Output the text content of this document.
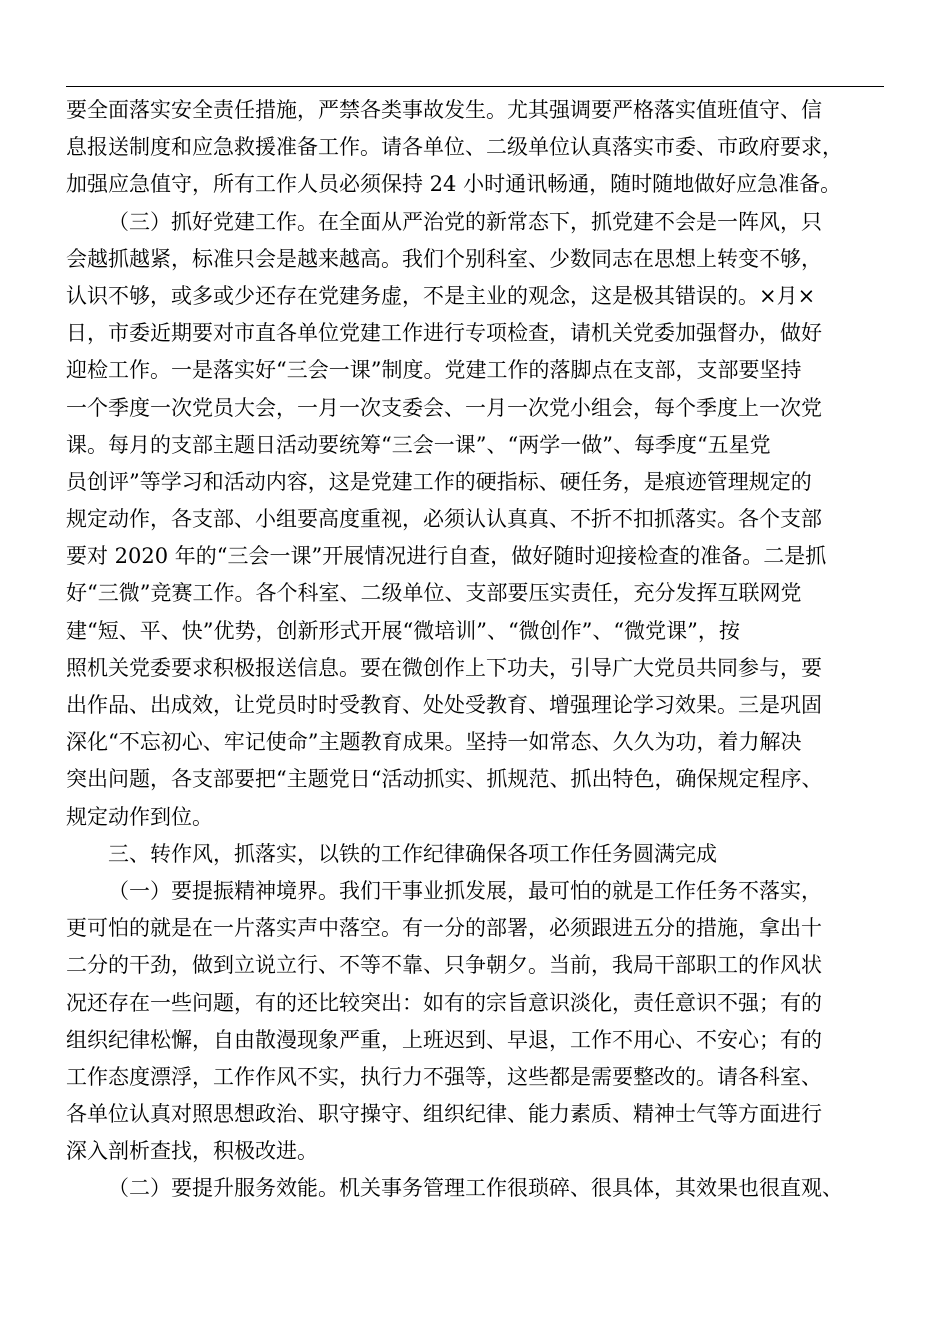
要全面落实安全责任措施，严禁各类事故发生。尤其强调要严格落实值班值守、信
息报送制度和应急救援准备工作。请各单位、二级单位认真落实市委、市政府要求，
加强应急值守，所有工作人员必须保持 24 小时通讯畅通，随时随地做好应急准备。
（三）抓好党建工作。在全面从严治党的新常态下，抓党建不会是一阵风，只
会越抓越紧，标准只会是越来越高。我们个别科室、少数同志在思想上转变不够，
认识不够，或多或少还存在党建务虚，不是主业的观念，这是极其错误的。×月×
日，市委近期要对市直各单位党建工作进行专项检查，请机关党委加强督办，做好
迎检工作。一是落实好“三会一课”制度。党建工作的落脚点在支部，支部要坚持
一个季度一次党员大会，一月一次支委会、一月一次党小组会，每个季度上一次党
课。每月的支部主题日活动要统筹“三会一课”、“两学一做”、每季度“五星党
员创评”等学习和活动内容，这是党建工作的硬指标、硬任务，是痕迹管理规定的
规定动作，各支部、小组要高度重视，必须认认真真、不折不扣抓落实。各个支部
要对 2020 年的“三会一课”开展情况进行自查，做好随时迎接检查的准备。二是抓
好“三微”竞赛工作。各个科室、二级单位、支部要压实责任，充分发挥互联网党
建“短、平、快”优势，创新形式开展“微培训”、“微创作”、“微党课”，按
照机关党委要求积极报送信息。要在微创作上下功夫，引导广大党员共同参与，要
出作品、出成效，让党员时时受教育、处处受教育、增强理论学习效果。三是巩固
深化“不忘初心、牢记使命”主题教育成果。坚持一如常态、久久为功，着力解决
突出问题，各支部要把“主题党日“活动抓实、抓规范、抓出特色，确保规定程序、
规定动作到位。
三、转作风，抓落实，以铁的工作纪律确保各项工作任务圆满完成
（一）要提振精神境界。我们干事业抓发展，最可怕的就是工作任务不落实，
更可怕的就是在一片落实声中落空。有一分的部署，必须跟进五分的措施，拿出十
二分的干劲，做到立说立行、不等不靠、只争朝夕。当前，我局干部职工的作风状
况还存在一些问题，有的还比较突出：如有的宗旨意识淡化，责任意识不强；有的
组织纪律松懈，自由散漫现象严重，上班迟到、早退，工作不用心、不安心；有的
工作态度漂浮，工作作风不实，执行力不强等，这些都是需要整改的。请各科室、
各单位认真对照思想政治、职守操守、组织纪律、能力素质、精神士气等方面进行
深入剖析查找，积极改进。
（二）要提升服务效能。机关事务管理工作很琐碎、很具体，其效果也很直观、
